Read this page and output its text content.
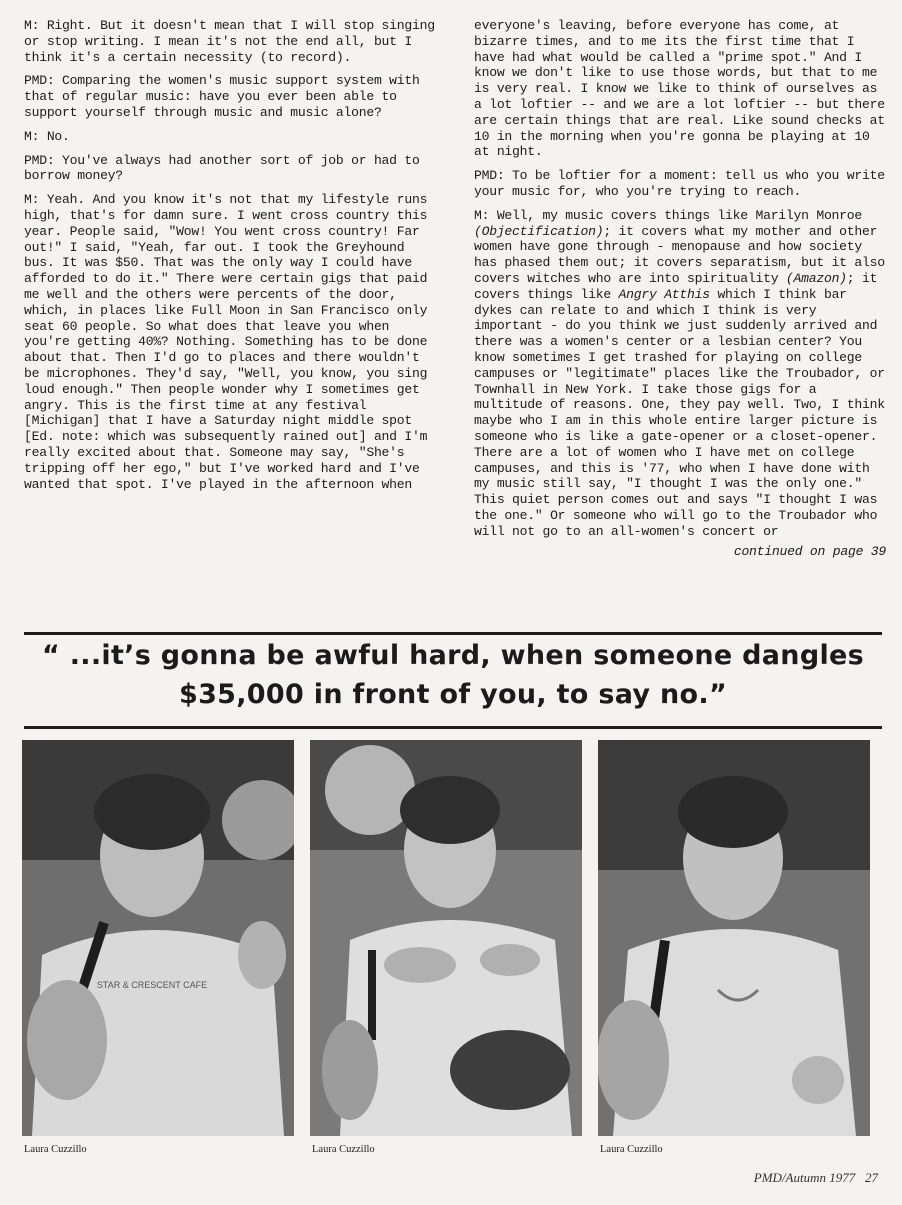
M: Right. But it doesn't mean that I will stop singing or stop writing. I mean it's not the end all, but I think it's a certain necessity (to record).

PMD: Comparing the women's music support system with that of regular music: have you ever been able to support yourself through music and music alone?

M: No.

PMD: You've always had another sort of job or had to borrow money?

M: Yeah. And you know it's not that my lifestyle runs high, that's for damn sure. I went cross country this year. People said, "Wow! You went cross country! Far out!" I said, "Yeah, far out. I took the Greyhound bus. It was $50. That was the only way I could have afforded to do it." There were certain gigs that paid me well and the others were percents of the door, which, in places like Full Moon in San Francisco only seat 60 people. So what does that leave you when you're getting 40%? Nothing. Something has to be done about that. Then I'd go to places and there wouldn't be microphones. They'd say, "Well, you know, you sing loud enough." Then people wonder why I sometimes get angry. This is the first time at any festival [Michigan] that I have a Saturday night middle spot [Ed. note: which was subsequently rained out] and I'm really excited about that. Someone may say, "She's tripping off her ego," but I've worked hard and I've wanted that spot. I've played in the afternoon when

everyone's leaving, before everyone has come, at bizarre times, and to me its the first time that I have had what would be called a "prime spot." And I know we don't like to use those words, but that to me is very real. I know we like to think of ourselves as a lot loftier -- and we are a lot loftier -- but there are certain things that are real. Like sound checks at 10 in the morning when you're gonna be playing at 10 at night.

PMD: To be loftier for a moment: tell us who you write your music for, who you're trying to reach.

M: Well, my music covers things like Marilyn Monroe (Objectification); it covers what my mother and other women have gone through - menopause and how society has phased them out; it covers separatism, but it also covers witches who are into spirituality (Amazon); it covers things like Angry Atthis which I think bar dykes can relate to and which I think is very important - do you think we just suddenly arrived and there was a women's center or a lesbian center? You know sometimes I get trashed for playing on college campuses or "legitimate" places like the Troubador, or Townhall in New York. I take those gigs for a multitude of reasons. One, they pay well. Two, I think maybe who I am in this whole entire larger picture is someone who is like a gate-opener or a closet-opener. There are a lot of women who I have met on college campuses, and this is '77, who when I have done with my music still say, "I thought I was the only one." This quiet person comes out and says "I thought I was the one." Or someone who will go to the Troubador who will not go to an all-women's concert or

continued on page 39
“ ...it’s gonna be awful hard, when someone dangles
$35,000 in front of you, to say no.”
STAR & CRESCENT CAFE
Laura Cuzzillo	Laura Cuzzillo	Laura Cuzzillo
PMD/Autumn 1977 27
